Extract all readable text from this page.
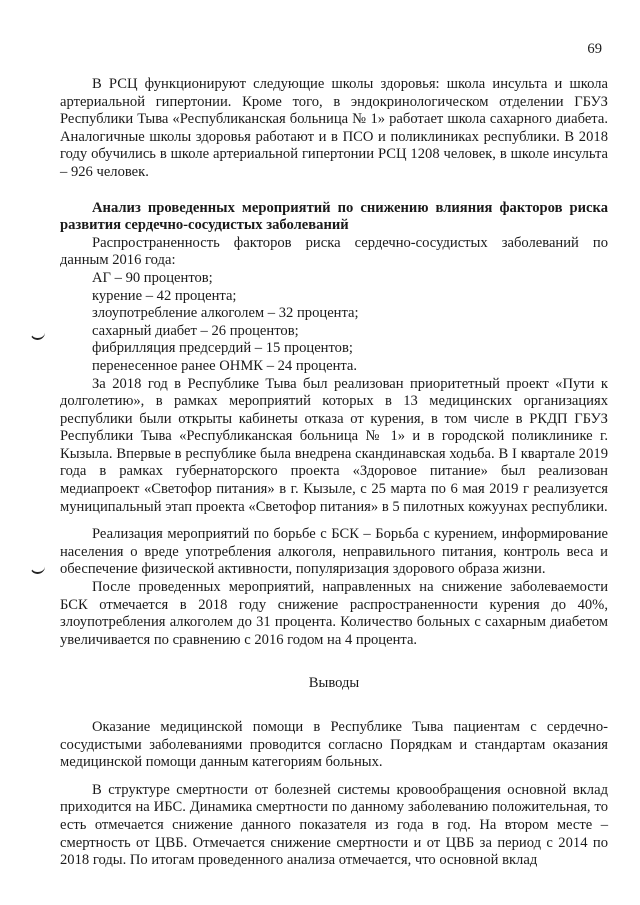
69

В РСЦ функционируют следующие школы здоровья: школа инсульта и школа артериальной гипертонии. Кроме того, в эндокринологическом отделении ГБУЗ Республики Тыва «Республиканская больница № 1» работает школа сахарного диабета. Аналогичные школы здоровья работают и в ПСО и поликлиниках республики. В 2018 году обучились в школе артериальной гипертонии РСЦ 1208 человек, в школе инсульта – 926 человек.

Анализ проведенных мероприятий по снижению влияния факторов риска развития сердечно-сосудистых заболеваний

Распространенность факторов риска сердечно-сосудистых заболеваний по данным 2016 года:

АГ – 90 процентов;
курение – 42 процента;
злоупотребление алкоголем – 32 процента;
сахарный диабет – 26 процентов;
фибрилляция предсердий – 15 процентов;
перенесенное ранее ОНМК – 24 процента.

За 2018 год в Республике Тыва был реализован приоритетный проект «Пути к долголетию», в рамках мероприятий которых в 13 медицинских организациях республики были открыты кабинеты отказа от курения, в том числе в РКДП ГБУЗ Республики Тыва «Республиканская больница № 1» и в городской поликлинике г. Кызыла. Впервые в республике была внедрена скандинавская ходьба. В I квартале 2019 года в рамках губернаторского проекта «Здоровое питание» был реализован медиапроект «Светофор питания» в г. Кызыле, с 25 марта по 6 мая 2019 г реализуется муниципальный этап проекта «Светофор питания» в 5 пилотных кожуунах республики.

Реализация мероприятий по борьбе с БСК – Борьба с курением, информирование населения о вреде употребления алкоголя, неправильного питания, контроль веса и обеспечение физической активности, популяризация здорового образа жизни.

После проведенных мероприятий, направленных на снижение заболеваемости БСК отмечается в 2018 году снижение распространенности курения до 40%, злоупотребления алкоголем до 31 процента. Количество больных с сахарным диабетом увеличивается по сравнению с 2016 годом на 4 процента.

Выводы

Оказание медицинской помощи в Республике Тыва пациентам с сердечно-сосудистыми заболеваниями проводится согласно Порядкам и стандартам оказания медицинской помощи данным категориям больных.

В структуре смертности от болезней системы кровообращения основной вклад приходится на ИБС. Динамика смертности по данному заболеванию положительная, то есть отмечается снижение данного показателя из года в год. На втором месте – смертность от ЦВБ. Отмечается снижение смертности и от ЦВБ за период с 2014 по 2018 годы. По итогам проведенного анализа отмечается, что основной вклад
